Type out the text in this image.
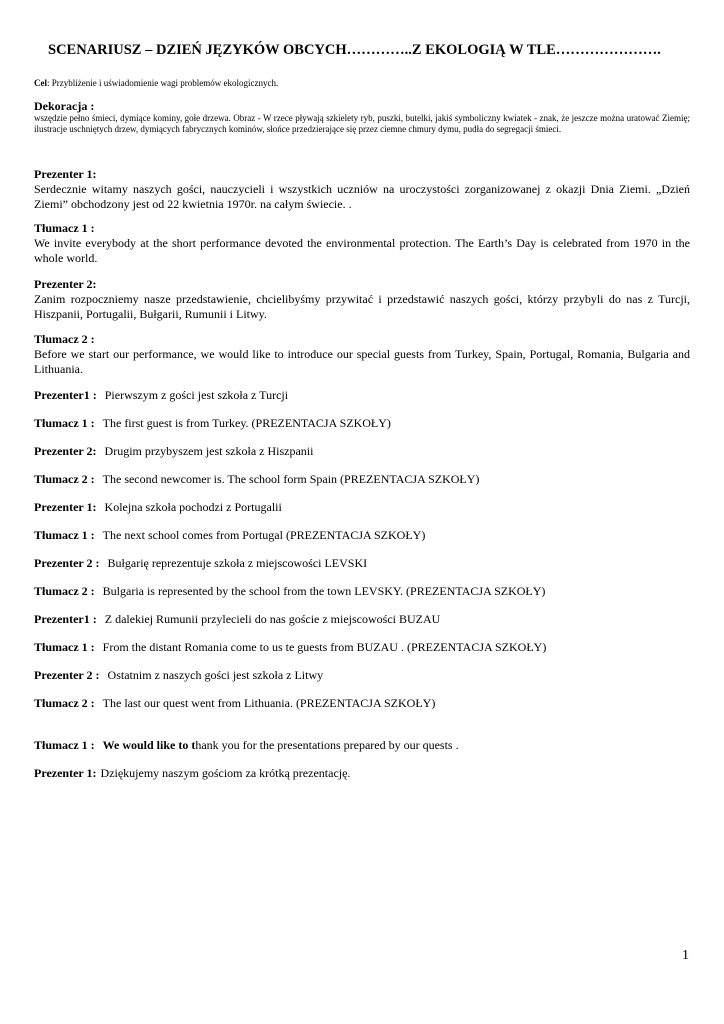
SCENARIUSZ – DZIEŃ JĘZYKÓW OBCYCH…………..Z EKOLOGIĄ W TLE………………….
Cel: Przybliżenie i uświadomienie wagi problemów ekologicznych.
Dekoracja :
wszędzie pełno śmieci, dymiące kominy, gołe drzewa. Obraz - W rzece pływają szkielety ryb, puszki, butelki, jakiś symboliczny kwiatek - znak, że jeszcze można uratować Ziemię; ilustracje uschniętych drzew, dymiących fabrycznych kominów, słońce przedzierające się przez ciemne chmury dymu, pudła do segregacji śmieci.
Prezenter 1:
Serdecznie witamy naszych gości, nauczycieli i wszystkich uczniów na uroczystości zorganizowanej z okazji Dnia Ziemi. „Dzień Ziemi” obchodzony jest od 22 kwietnia 1970r. na całym świecie. .
Tłumacz 1 :
We invite everybody at the short performance devoted the environmental protection. The Earth’s Day is celebrated from 1970 in the whole world.
Prezenter 2:
Zanim rozpoczniemy nasze przedstawienie, chcielibyśmy przywitać i przedstawić naszych gości, którzy przybyli do nas z Turcji, Hiszpanii, Portugalii, Bułgarii, Rumunii i Litwy.
Tłumacz 2 :
Before we start our performance, we would like to introduce our special guests from Turkey, Spain, Portugal, Romania, Bulgaria and Lithuania.
Prezenter1 : Pierwszym z gości jest szkoła z Turcji
Tłumacz 1 : The first guest is from Turkey. (PREZENTACJA SZKOŁY)
Prezenter 2: Drugim przybyszem jest szkoła z Hiszpanii
Tłumacz 2 : The second newcomer is. The school form Spain (PREZENTACJA SZKOŁY)
Prezenter 1: Kolejna szkoła pochodzi z Portugalii
Tłumacz 1 : The next school comes from Portugal (PREZENTACJA SZKOŁY)
Prezenter 2 : Bułgarię reprezentuje szkoła z miejscowości LEVSKI
Tłumacz 2 : Bulgaria is represented by the school from the town LEVSKY. (PREZENTACJA SZKOŁY)
Prezenter1 : Z dalekiej Rumunii przylecieli do nas goście z miejscowości BUZAU
Tłumacz 1 : From the distant Romania come to us te guests from BUZAU . (PREZENTACJA SZKOŁY)
Prezenter 2 : Ostatnim z naszych gości jest szkoła z Litwy
Tłumacz 2 : The last our quest went from Lithuania. (PREZENTACJA SZKOŁY)
Tłumacz 1 : We would like to thank you for the presentations prepared by our quests .
Prezenter 1: Dziękujemy naszym gościom za krótką prezentację.
1
